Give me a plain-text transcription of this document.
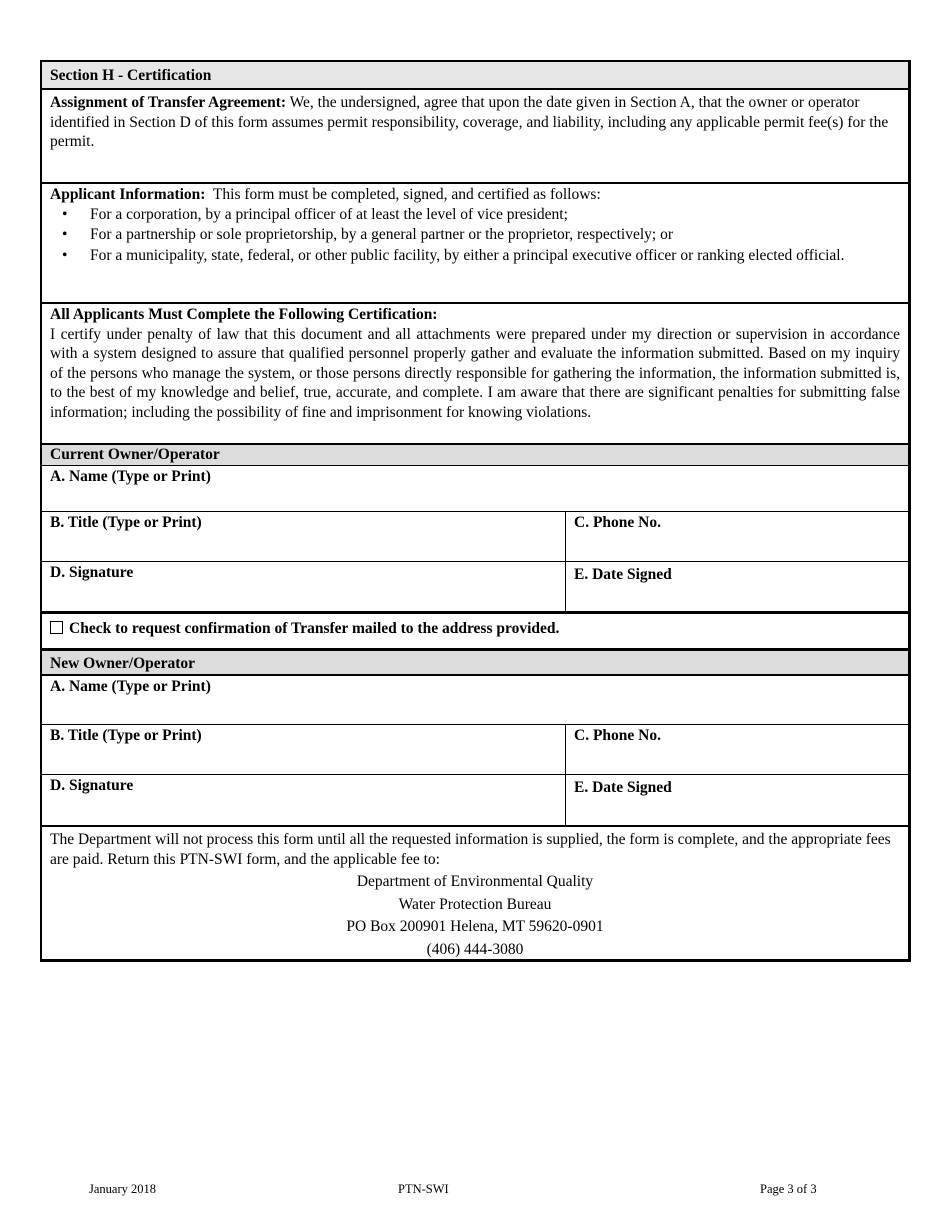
Section H - Certification
Assignment of Transfer Agreement: We, the undersigned, agree that upon the date given in Section A, that the owner or operator identified in Section D of this form assumes permit responsibility, coverage, and liability, including any applicable permit fee(s) for the permit.
Applicant Information:  This form must be completed, signed, and certified as follows:
• For a corporation, by a principal officer of at least the level of vice president;
• For a partnership or sole proprietorship, by a general partner or the proprietor, respectively; or
• For a municipality, state, federal, or other public facility, by either a principal executive officer or ranking elected official.
All Applicants Must Complete the Following Certification:
I certify under penalty of law that this document and all attachments were prepared under my direction or supervision in accordance with a system designed to assure that qualified personnel properly gather and evaluate the information submitted. Based on my inquiry of the persons who manage the system, or those persons directly responsible for gathering the information, the information submitted is, to the best of my knowledge and belief, true, accurate, and complete. I am aware that there are significant penalties for submitting false information; including the possibility of fine and imprisonment for knowing violations.
Current Owner/Operator
A. Name (Type or Print)
B. Title (Type or Print)	C. Phone No.
D. Signature	E. Date Signed
Check to request confirmation of Transfer mailed to the address provided.
New Owner/Operator
A. Name (Type or Print)
B. Title (Type or Print)	C. Phone No.
D. Signature	E. Date Signed
The Department will not process this form until all the requested information is supplied, the form is complete, and the appropriate fees are paid. Return this PTN-SWI form, and the applicable fee to:
Department of Environmental Quality
Water Protection Bureau
PO Box 200901 Helena, MT 59620-0901
(406) 444-3080
January 2018	PTN-SWI	Page 3 of 3
